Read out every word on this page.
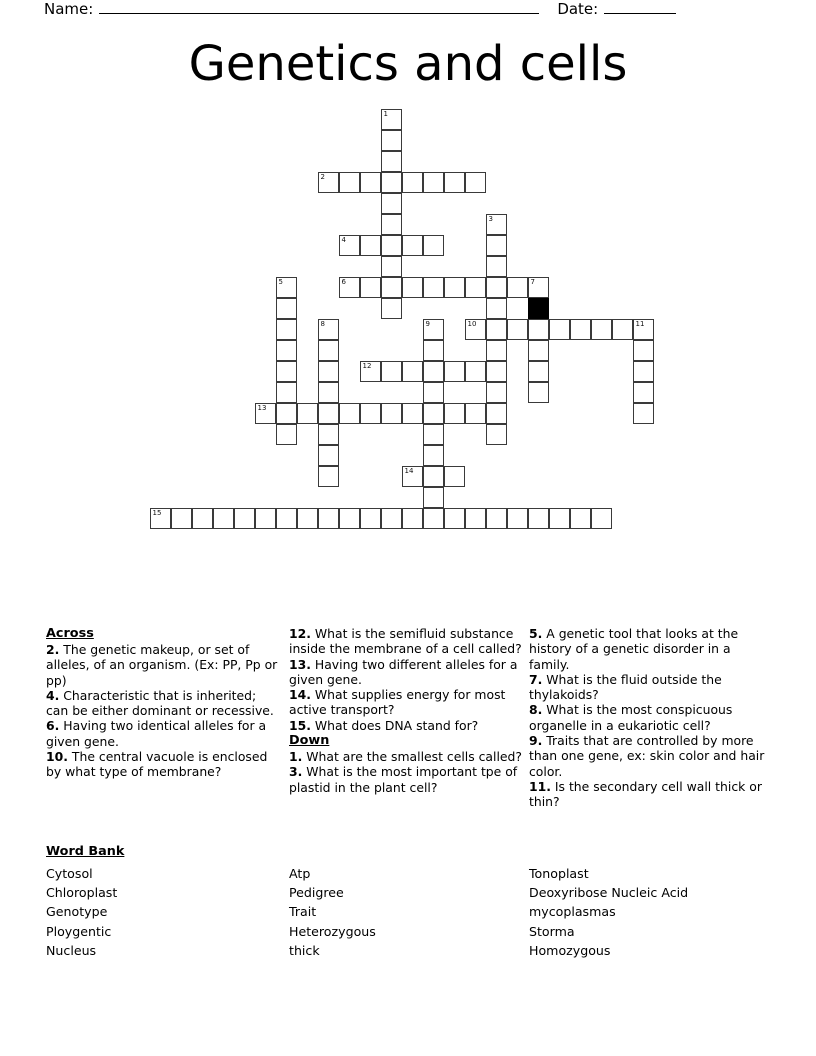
Name:	Date:
Genetics and cells
1
2
3
4
5	6	7
8	9	10	11
12
13
14
15
Across
2. The genetic makeup, or set of alleles, of an organism. (Ex: PP, Pp or pp)
4. Characteristic that is inherited; can be either dominant or recessive.
6. Having two identical alleles for a given gene.
10. The central vacuole is enclosed by what type of membrane?
12. What is the semifluid substance inside the membrane of a cell called?
13. Having two different alleles for a given gene.
14. What supplies energy for most active transport?
15. What does DNA stand for?
Down
1. What are the smallest cells called?
3. What is the most important tpe of plastid in the plant cell?
5. A genetic tool that looks at the history of a genetic disorder in a family.
7. What is the fluid outside the thylakoids?
8. What is the most conspicuous organelle in a eukariotic cell?
9. Traits that are controlled by more than one gene, ex: skin color and hair color.
11. Is the secondary cell wall thick or thin?
Word Bank
Cytosol
Chloroplast
Genotype
Ploygentic
Nucleus
Atp
Pedigree
Trait
Heterozygous
thick
Tonoplast
Deoxyribose Nucleic Acid
mycoplasmas
Storma
Homozygous
